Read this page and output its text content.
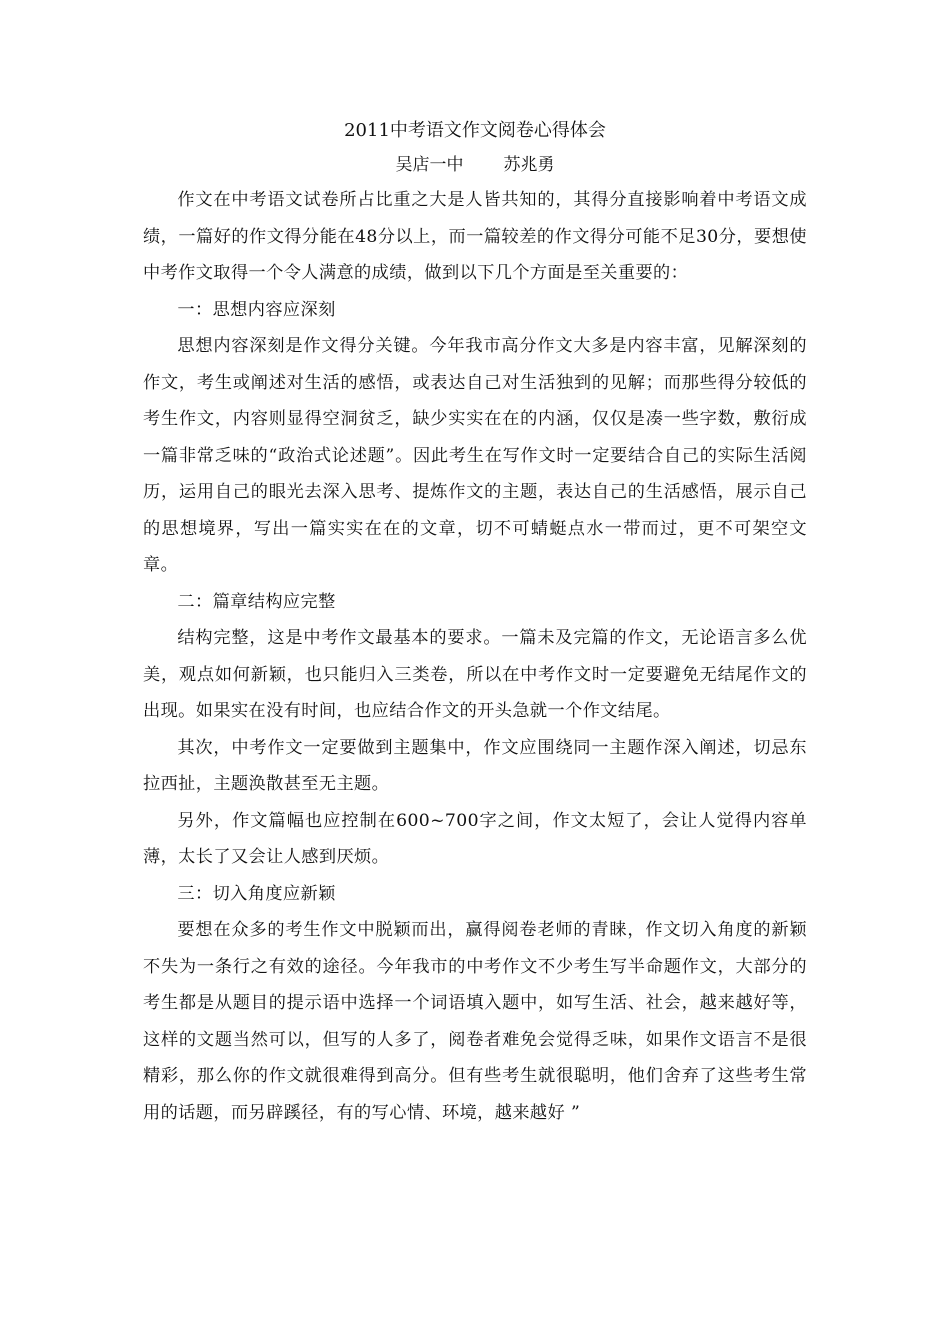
2011中考语文作文阅卷心得体会

吴店一中 苏兆勇

作文在中考语文试卷所占比重之大是人皆共知的，其得分直接影响着中考语文成绩，一篇好的作文得分能在48分以上，而一篇较差的作文得分可能不足30分，要想使中考作文取得一个令人满意的成绩，做到以下几个方面是至关重要的：

一：思想内容应深刻

思想内容深刻是作文得分关键。今年我市高分作文大多是内容丰富，见解深刻的作文，考生或阐述对生活的感悟，或表达自己对生活独到的见解；而那些得分较低的考生作文，内容则显得空洞贫乏，缺少实实在在的内涵，仅仅是凑一些字数，敷衍成一篇非常乏味的“政治式论述题”。因此考生在写作文时一定要结合自己的实际生活阅历，运用自己的眼光去深入思考、提炼作文的主题，表达自己的生活感悟，展示自己的思想境界，写出一篇实实在在的文章，切不可蜻蜓点水一带而过，更不可架空文章。

二：篇章结构应完整

结构完整，这是中考作文最基本的要求。一篇未及完篇的作文，无论语言多么优美，观点如何新颖，也只能归入三类卷，所以在中考作文时一定要避免无结尾作文的出现。如果实在没有时间，也应结合作文的开头急就一个作文结尾。

其次，中考作文一定要做到主题集中，作文应围绕同一主题作深入阐述，切忌东拉西扯，主题涣散甚至无主题。

另外，作文篇幅也应控制在600~700字之间，作文太短了，会让人觉得内容单薄，太长了又会让人感到厌烦。

三：切入角度应新颖

要想在众多的考生作文中脱颖而出，赢得阅卷老师的青睐，作文切入角度的新颖不失为一条行之有效的途径。今年我市的中考作文不少考生写半命题作文，大部分的考生都是从题目的提示语中选择一个词语填入题中，如写生活、社会，越来越好等，这样的文题当然可以，但写的人多了，阅卷者难免会觉得乏味，如果作文语言不是很精彩，那么你的作文就很难得到高分。但有些考生就很聪明，他们舍弃了这些考生常用的话题，而另辟蹊径，有的写心情、环境，越来越好 ”
